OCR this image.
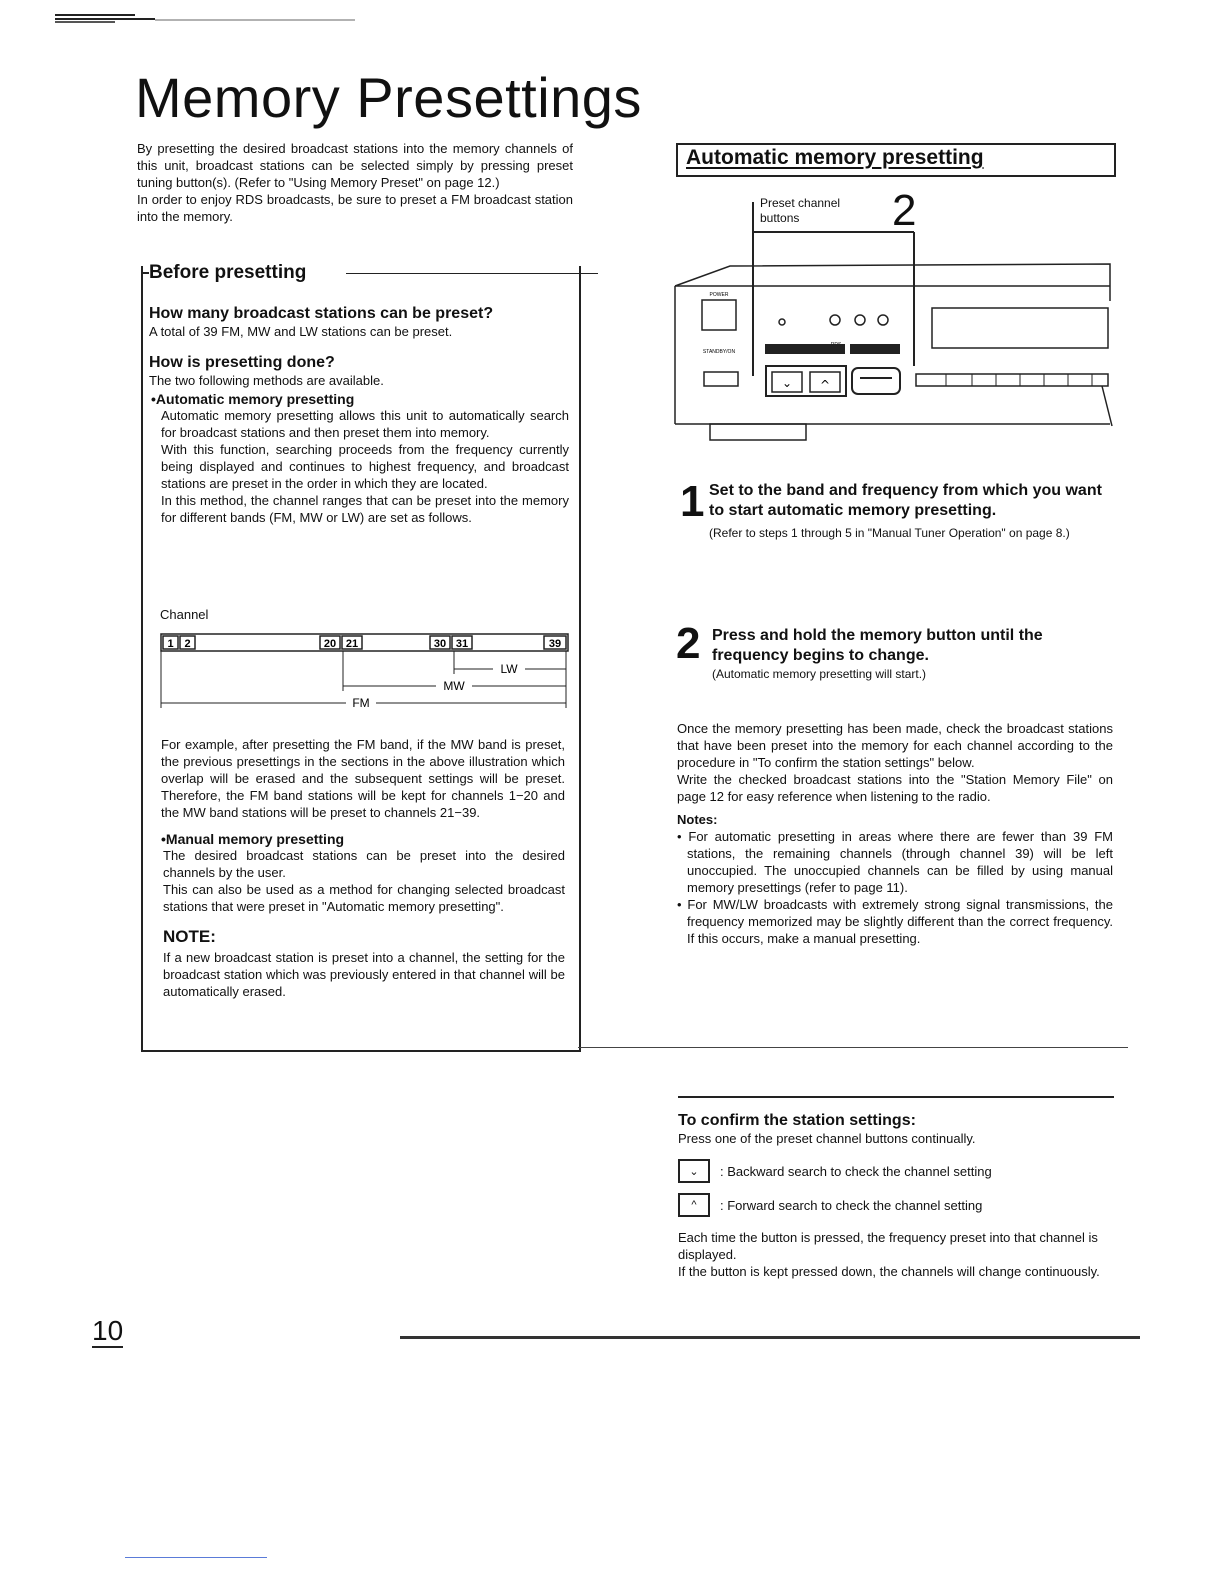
Memory Presettings

By presetting the desired broadcast stations into the memory channels of this unit, broadcast stations can be selected simply by pressing preset tuning button(s). (Refer to "Using Memory Preset" on page 12.)

In order to enjoy RDS broadcasts, be sure to preset a FM broadcast station into the memory.

Before presetting

How many broadcast stations can be preset?

A total of 39 FM, MW and LW stations can be preset.

How is presetting done?

The two following methods are available.

•Automatic memory presetting

Automatic memory presetting allows this unit to automatically search for broadcast stations and then preset them into memory.

With this function, searching proceeds from the frequency currently being displayed and continues to highest frequency, and broadcast stations are preset in the order in which they are located.

In this method, the channel ranges that can be preset into the memory for different bands (FM, MW or LW) are set as follows.

Channel
1 2	20 21	30 31	39
LW
MW
FM

For example, after presetting the FM band, if the MW band is preset, the previous presettings in the sections in the above illustration which overlap will be erased and the subsequent settings will be preset. Therefore, the FM band stations will be kept for channels 1−20 and the MW band stations will be preset to channels 21−39.

•Manual memory presetting

The desired broadcast stations can be preset into the desired channels by the user.

This can also be used as a method for changing selected broadcast stations that were preset in "Automatic memory presetting".

NOTE:

If a new broadcast station is preset into a channel, the setting for the broadcast station which was previously entered in that channel will be automatically erased.

Automatic memory presetting
Preset channel buttons	2
POWER
STANDBY/ON
⌄ ^
1 Set to the band and frequency from which you want to start automatic memory presetting.

(Refer to steps 1 through 5 in "Manual Tuner Operation" on page 8.)

2 Press and hold the memory button until the frequency begins to change.

(Automatic memory presetting will start.)

Once the memory presetting has been made, check the broadcast stations that have been preset into the memory for each channel according to the procedure in "To confirm the station settings" below.

Write the checked broadcast stations into the "Station Memory File" on page 12 for easy reference when listening to the radio.

Notes:

• For automatic presetting in areas where there are fewer than 39 FM stations, the remaining channels (through channel 39) will be left unoccupied. The unoccupied channels can be filled by using manual memory presettings (refer to page 11).
• For MW/LW broadcasts with extremely strong signal transmissions, the frequency memorized may be slightly different than the correct frequency. If this occurs, make a manual presetting.

To confirm the station settings:

Press one of the preset channel buttons continually.

⌄ : Backward search to check the channel setting
^ : Forward search to check the channel setting

Each time the button is pressed, the frequency preset into that channel is displayed.

If the button is kept pressed down, the channels will change continuously.

10
